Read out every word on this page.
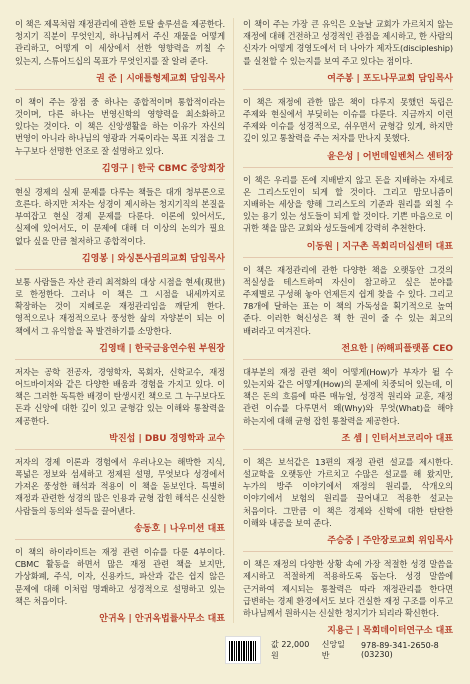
이 책은 제목처럼 재정관리에 관한 토탈 솔루션을 제공한다. 청지기 직분이 무엇인지, 하나님께서 주신 재물을 어떻게 관리하고, 어떻게 이 세상에서 선한 영향력을 끼칠 수 있는지, 스튜어드십의 목표가 무엇인지를 잘 알려 준다.
권 준 | 시애틀형제교회 담임목사
이 책이 주는 장점 중 하나는 종합적이며 통합적이라는 것이며, 다른 하나는 번영신학의 영향력을 최소화하고 있다는 것이다. 이 책은 신앙생활을 하는 이유가 자신의 번영이 아니라 하나님의 영광과 거룩이라는 목표 지점을 그 누구보다 선명한 언조로 잘 설명하고 있다.
김영구 | 한국 CBMC 중앙회장
현실 경제의 실제 문제를 다루는 책들은 대개 청부론으로 흐른다. 하지만 저자는 성경이 제시하는 청지기직의 본질을 부여잡고 현실 경제 문제를 다룬다. 이론에 있어서도, 실제에 있어서도, 이 문제에 대해 더 이상의 논의가 필요 없다 싶을 만큼 철저하고 종합적이다.
김영봉 | 와싱톤사귐의교회 담임목사
보통 사람들은 자산 관리 최적화의 대상 시점을 현세(現世)로 한정한다. 그러나 이 책은 그 시점을 내세까지로 확장하는 것이 지혜로운 재정관리임을 깨닫게 한다. 영적으로나 재정적으로나 풍성한 삶의 자양분이 되는 이 책에서 그 유익함을 꼭 발견하기를 소망한다.
김영태 | 한국금융연수원 부원장
저자는 공학 전공자, 경영학자, 목회자, 신학교수, 재정 어드바이저와 같은 다양한 배움과 경험을 가지고 있다. 이 책은 그러한 독특한 배경이 탄생시킨 책으로 그 누구보다도 돈과 신앙에 대한 깊이 있고 균형감 있는 이해와 통찰력을 제공한다.
박진섭 | DBU 경영학과 교수
저자의 경제 이론과 경험에서 우러나오는 해박한 지식, 폭넓은 정보와 섬세하고 정제된 설명, 무엇보다 성경에서 가져온 풍성한 해석과 적용이 이 책을 돋보인다. 특별히 재정과 관련한 성경의 많은 인용과 균형 잡힌 해석은 신실한 사람들의 동의와 설득을 끌어낸다.
송동호 | 나우미션 대표
이 책의 하이라이트는 재정 관련 이슈를 다룬 4부이다. CBMC 활동을 하면서 많은 재정 관련 책을 보지만, 가상화폐, 주식, 이자, 신용카드, 파산과 같은 쉽지 않은 문제에 대해 이처럼 명쾌하고 성경적으로 설명하고 있는 책은 처음이다.
안귀옥 | 안귀옥법률사무소 대표
이 책이 주는 가장 큰 유익은 오늘날 교회가 가르치지 않는 재정에 대해 건전하고 성경적인 관점을 제시하고, 한 사람의 신자가 어떻게 경영도에서 더 나아가 제자도(discipleship)를 실천할 수 있는지를 보여 주고 있다는 점이다.
여주봉 | 포도나무교회 담임목사
이 책은 재정에 관한 많은 책이 다루지 못했던 독립은 주제와 현실에서 부딪히는 이슈를 다룬다. 지금까지 이런 주제와 이슈를 성경적으로, 쉬우면서 균형감 있게, 하지만 깊이 있고 통찰력을 주는 저자를 만나지 못했다.
윤은성 | 어번데일벤처스 센터장
이 책은 우리를 돈에 지배받지 않고 돈을 지배하는 자세로 온 그리스도인이 되게 할 것이다. 그리고 맘모니즘이 지배하는 세상을 향해 그리스도의 기준과 원리를 외칠 수 있는 용기 있는 성도들이 되게 할 것이다. 기쁜 마음으로 이 귀한 책을 많은 교회와 성도들에게 강력히 추천한다.
이동원 | 지구촌 목회리더십센터 대표
이 책은 재정관리에 관한 다양한 책을 오랫동안 그것의 적실성을 테스트하여 자신이 참고하고 싶은 분야를 주제별로 구성해 놓아 언제든지 쉽게 찾을 수 있다. 그리고 78개에 달하는 표는 이 책의 가독성을 획기적으로 높여 준다. 이러한 혁신성은 책 한 권이 줄 수 있는 최고의 배려라고 여겨진다.
전요한 | ㈜해피플랫폼 CEO
대부분의 재정 관련 책이 어떻게(How)가 부자가 될 수 있는지와 같은 어떻게(How)의 문제에 치중되어 있는데, 이 책은 돈의 흐름에 따른 매뉴얼, 성경적 원리와 교훈, 재정 관련 이슈를 다루면서 왜(Why)와 무엇(What)을 해야 하는지에 대해 균형 잡힌 통찰력을 제공한다.
조 셈 | 인터서브코리아 대표
이 책은 보석같은 13편의 재정 관련 설교를 제시한다. 설교학을 오랫동안 가르치고 수많은 설교를 해 왔지만, 누가의 방주 이야기에서 재정의 원리를, 삭개오의 이야기에서 보험의 원리를 끌어내고 적용한 설교는 처음이다. 그만큼 이 책은 경제와 신학에 대한 탄탄한 이해와 내공을 보여 준다.
주승중 | 주안장로교회 위임목사
이 책은 재정의 다양한 상황 속에 가장 적절한 성경 말씀을 제시하고 적절하게 적용하도록 돕는다. 성경 말씀에 근거하여 제시되는 통찰력은 따라 재정관리를 한다면 급변하는 경제 환경에서도 보다 건실한 재정 구조를 이루고 하나님께서 원하시는 신실한 청지기가 되리라 확신한다.
지용근 | 목회데이터연구소 대표
값 22,000원
신앙일반
978-89-341-2650-8 (03230)
